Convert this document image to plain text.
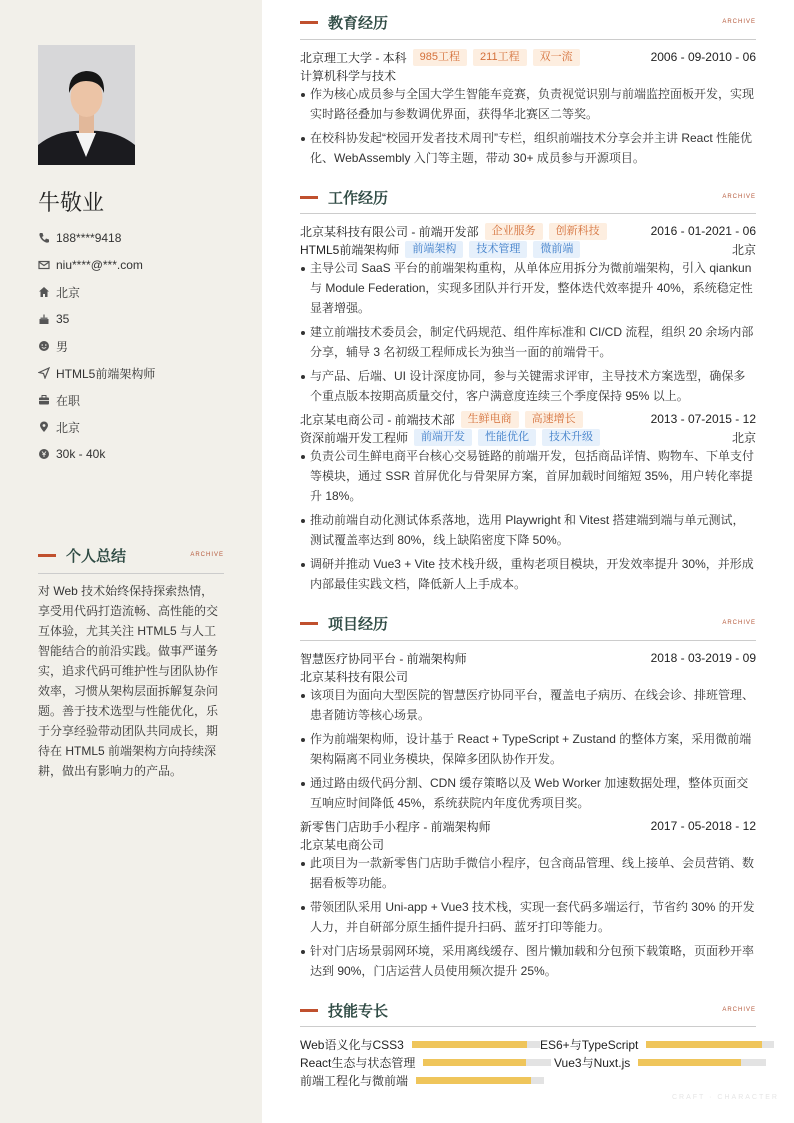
牛敬业
188****9418
niu****@***.com
北京
35
男
HTML5前端架构师
在职
北京
30k - 40k
个人总结	ARCHIVE
对 Web 技术始终保持探索热情，享受用代码打造流畅、高性能的交互体验，尤其关注 HTML5 与人工智能结合的前沿实践。做事严谨务实，追求代码可维护性与团队协作效率，习惯从架构层面拆解复杂问题。善于技术选型与性能优化，乐于分享经验带动团队共同成长，期待在 HTML5 前端架构方向持续深耕，做出有影响力的产品。
教育经历	ARCHIVE
北京理工大学 - 本科	985工程	211工程	双一流	2006 - 09-2010 - 06
计算机科学与技术
作为核心成员参与全国大学生智能车竞赛，负责视觉识别与前端监控面板开发，实现实时路径叠加与参数调优界面，获得华北赛区二等奖。
在校科协发起“校园开发者技术周刊”专栏，组织前端技术分享会并主讲 React 性能优化、WebAssembly 入门等主题，带动 30+ 成员参与开源项目。
工作经历	ARCHIVE
北京某科技有限公司 - 前端开发部	企业服务	创新科技	2016 - 01-2021 - 06
HTML5前端架构师	前端架构	技术管理	微前端	北京
主导公司 SaaS 平台的前端架构重构，从单体应用拆分为微前端架构，引入 qiankun 与 Module Federation，实现多团队并行开发，整体迭代效率提升 40%，系统稳定性显著增强。
建立前端技术委员会，制定代码规范、组件库标准和 CI/CD 流程，组织 20 余场内部分享，辅导 3 名初级工程师成长为独当一面的前端骨干。
与产品、后端、UI 设计深度协同，参与关键需求评审，主导技术方案选型，确保多个重点版本按期高质量交付，客户满意度连续三个季度保持 95% 以上。
北京某电商公司 - 前端技术部	生鲜电商	高速增长	2013 - 07-2015 - 12
资深前端开发工程师	前端开发	性能优化	技术升级	北京
负责公司生鲜电商平台核心交易链路的前端开发，包括商品详情、购物车、下单支付等模块，通过 SSR 首屏优化与骨架屏方案，首屏加载时间缩短 35%，用户转化率提升 18%。
推动前端自动化测试体系落地，选用 Playwright 和 Vitest 搭建端到端与单元测试，测试覆盖率达到 80%，线上缺陷密度下降 50%。
调研并推动 Vue3 + Vite 技术栈升级，重构老项目模块，开发效率提升 30%，并形成内部最佳实践文档，降低新人上手成本。
项目经历	ARCHIVE
智慧医疗协同平台 - 前端架构师	2018 - 03-2019 - 09
北京某科技有限公司
该项目为面向大型医院的智慧医疗协同平台，覆盖电子病历、在线会诊、排班管理、患者随访等核心场景。
作为前端架构师，设计基于 React + TypeScript + Zustand 的整体方案，采用微前端架构隔离不同业务模块，保障多团队协作开发。
通过路由级代码分割、CDN 缓存策略以及 Web Worker 加速数据处理，整体页面交互响应时间降低 45%，系统获院内年度优秀项目奖。
新零售门店助手小程序 - 前端架构师	2017 - 05-2018 - 12
北京某电商公司
此项目为一款新零售门店助手微信小程序，包含商品管理、线上接单、会员营销、数据看板等功能。
带领团队采用 Uni-app + Vue3 技术栈，实现一套代码多端运行，节省约 30% 的开发人力，并自研部分原生插件提升扫码、蓝牙打印等能力。
针对门店场景弱网环境，采用离线缓存、图片懒加载和分包预下载策略，页面秒开率达到 90%，门店运营人员使用频次提升 25%。
技能专长	ARCHIVE
Web语义化与CSS3	ES6+与TypeScript
React生态与状态管理	Vue3与Nuxt.js
前端工程化与微前端
CRAFT · CHARACTER
